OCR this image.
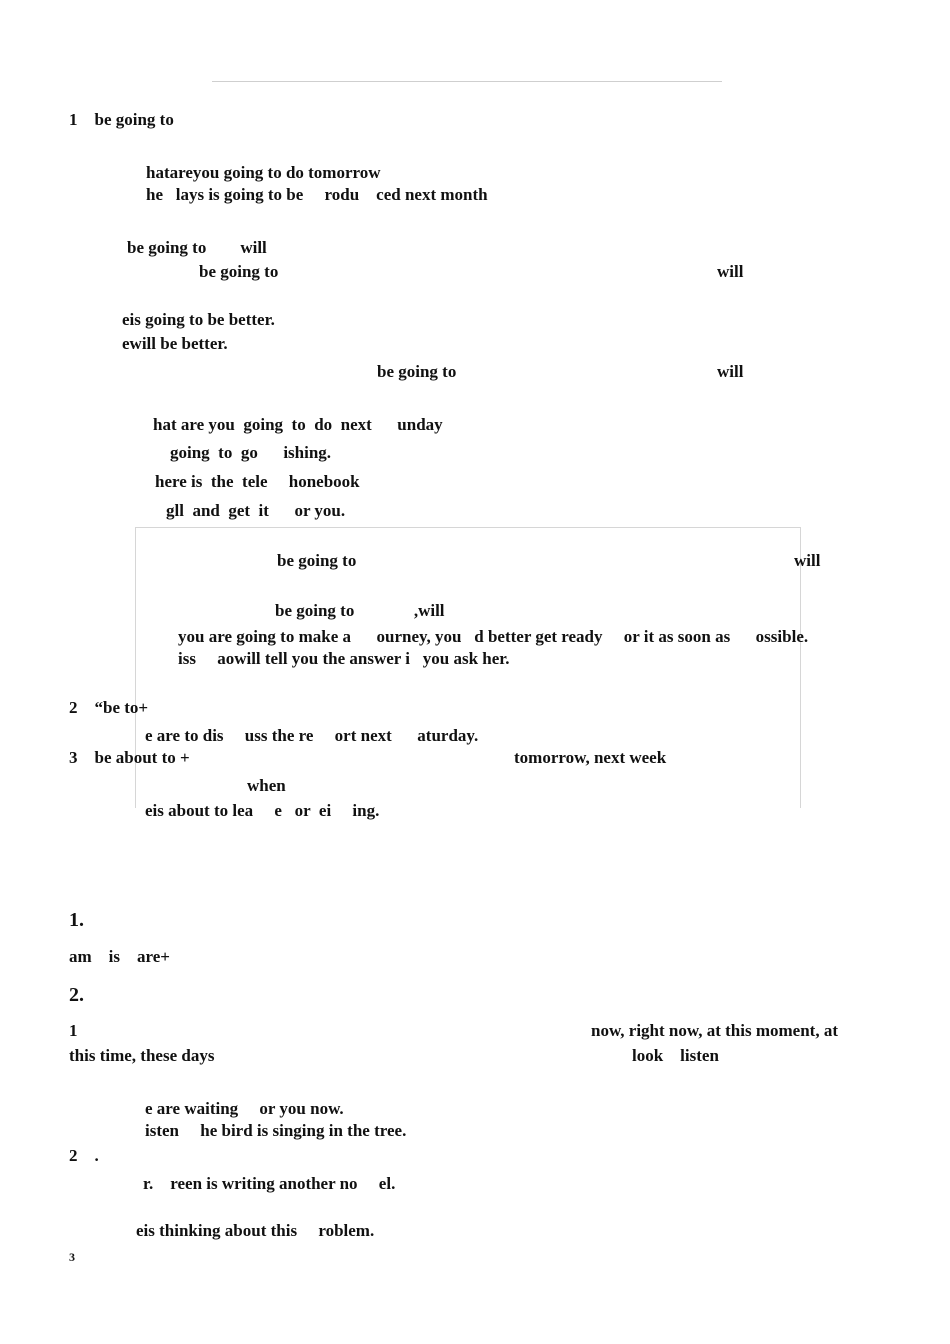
1    be going to
hatareyou going to do tomorrow
he   lays is going to be     rodu    ced next month
be going to        will
be going to	will
eis going to be better.
ewill be better.
be going to	will
hat are you  going  to  do  next      unday
going  to  go      ishing.
here is  the  tele     honebook
gll  and  get  it      or you.
be going to	will
be going to              ,will
you are going to make a      ourney, you   d better get ready     or it as soon as      ossible.
iss     aowill tell you the answer i   you ask her.
2    “be to+
e are to dis     uss the re     ort next      aturday.
3    be about to +	tomorrow, next week
when
eis about to lea     e   or  ei     ing.
1.
am    is    are+
2.
1	now, right now, at this moment, at
this time, these days	look    listen
e are waiting     or you now.
isten     he bird is singing in the tree.
2    .
r.    reen is writing another no     el.
eis thinking about this     roblem.
3
